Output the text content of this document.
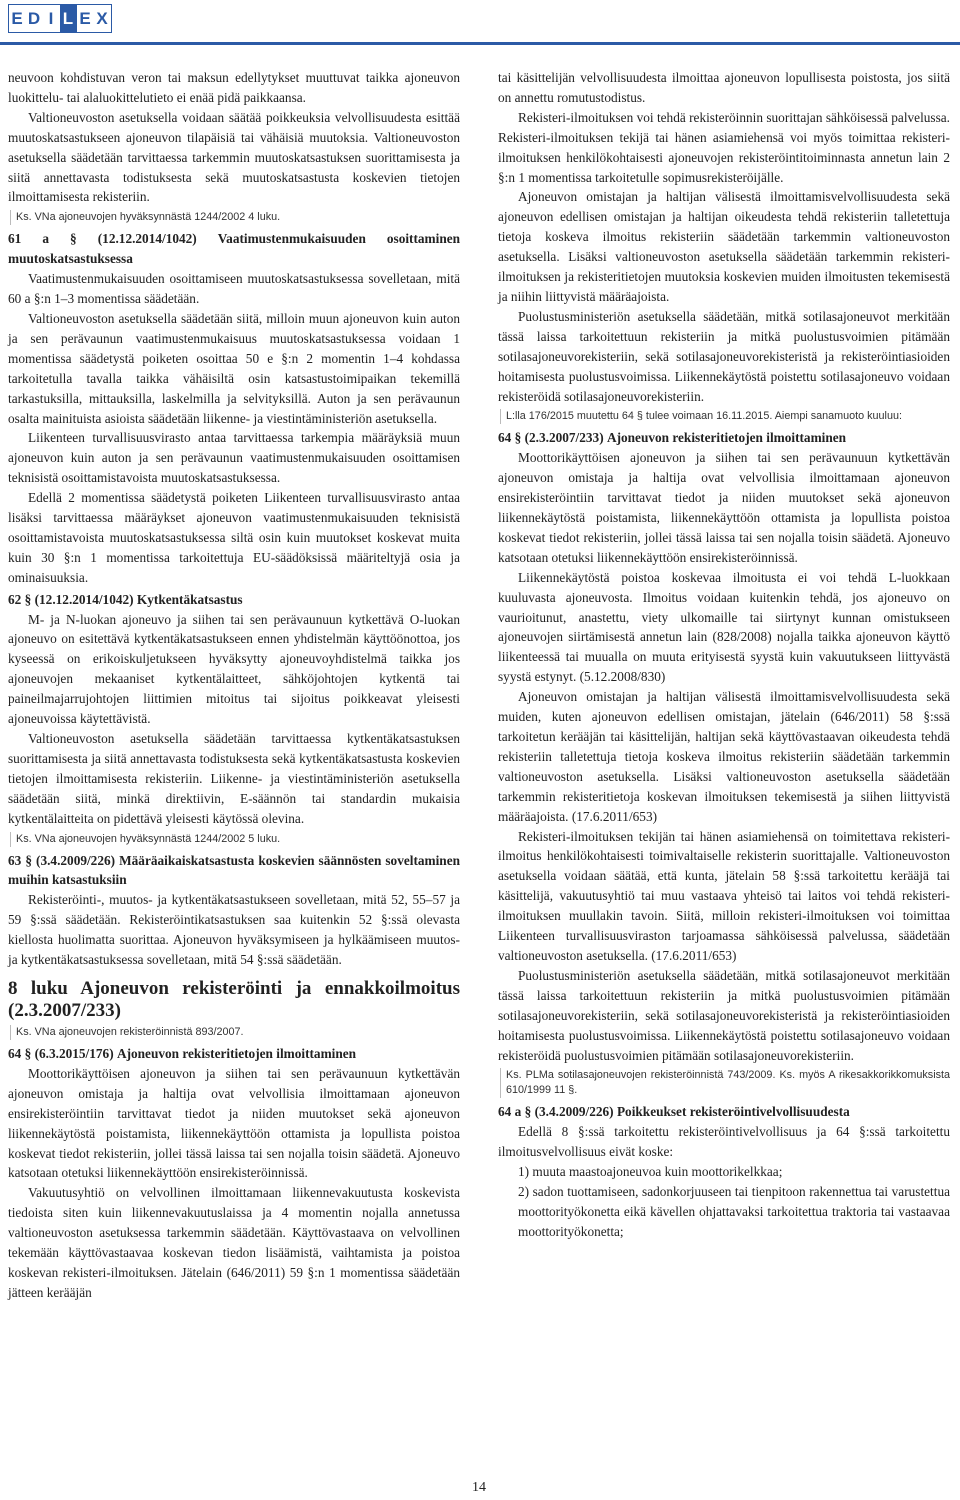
E D I L E X

neuvoon kohdistuvan veron tai maksun edellytykset muuttuvat taikka ajoneuvon luokittelu- tai alaluokittelutieto ei enää pidä paikkaansa.

Valtioneuvoston asetuksella voidaan säätää poikkeuksia velvollisuudesta esittää muutoskatsastukseen ajoneuvon tilapäisiä tai vähäisiä muutoksia. Valtioneuvoston asetuksella säädetään tarvittaessa tarkemmin muutoskatsastuksen suorittamisesta ja siitä annettavasta todistuksesta sekä muutoskatsastusta koskevien tietojen ilmoittamisesta rekisteriin.

Ks. VNa ajoneuvojen hyväksynnästä 1244/2002 4 luku.

61 a § (12.12.2014/1042) Vaatimustenmukaisuuden osoittaminen muutoskatsastuksessa

Vaatimustenmukaisuuden osoittamiseen muutoskatsastuksessa sovelletaan, mitä 60 a §:n 1–3 momentissa säädetään.

Valtioneuvoston asetuksella säädetään siitä, milloin muun ajoneuvon kuin auton ja sen perävaunun vaatimustenmukaisuus muutoskatsastuksessa voidaan 1 momentissa säädetystä poiketen osoittaa 50 e §:n 2 momentin 1–4 kohdassa tarkoitetulla tavalla taikka vähäisiltä osin katsastustoimipaikan tekemillä tarkastuksilla, mittauksilla, laskelmilla ja selvityksillä. Auton ja sen perävaunun osalta mainituista asioista säädetään liikenne- ja viestintäministeriön asetuksella.

Liikenteen turvallisuusvirasto antaa tarvittaessa tarkempia määräyksiä muun ajoneuvon kuin auton ja sen perävaunun vaatimustenmukaisuuden osoittamisen teknisistä osoittamistavoista muutoskatsastuksessa.

Edellä 2 momentissa säädetystä poiketen Liikenteen turvallisuusvirasto antaa lisäksi tarvittaessa määräykset ajoneuvon vaatimustenmukaisuuden teknisistä osoittamistavoista muutoskatsastuksessa siltä osin kuin muutokset koskevat muita kuin 30 §:n 1 momentissa tarkoitettuja EU-säädöksissä määriteltyjä osia ja ominaisuuksia.

62 § (12.12.2014/1042) Kytkentäkatsastus

M- ja N-luokan ajoneuvo ja siihen tai sen perävaunuun kytkettävä O-luokan ajoneuvo on esitettävä kytkentäkatsastukseen ennen yhdistelmän käyttöönottoa, jos kyseessä on erikoiskuljetukseen hyväksytty ajoneuvoyhdistelmä taikka jos ajoneuvojen mekaaniset kytkentälaitteet, sähköjohtojen kytkentä tai paineilmajarrujohtojen liittimien mitoitus tai sijoitus poikkeavat yleisesti ajoneuvoissa käytettävistä.

Valtioneuvoston asetuksella säädetään tarvittaessa kytkentäkatsastuksen suorittamisesta ja siitä annettavasta todistuksesta sekä kytkentäkatsastusta koskevien tietojen ilmoittamisesta rekisteriin. Liikenne- ja viestintäministeriön asetuksella säädetään siitä, minkä direktiivin, E-säännön tai standardin mukaisia kytkentälaitteita on pidettävä yleisesti käytössä olevina.

Ks. VNa ajoneuvojen hyväksynnästä 1244/2002 5 luku.

63 § (3.4.2009/226) Määräaikaiskatsastusta koskevien säännösten soveltaminen muihin katsastuksiin

Rekisteröinti-, muutos- ja kytkentäkatsastukseen sovelletaan, mitä 52, 55–57 ja 59 §:ssä säädetään. Rekisteröintikatsastuksen saa kuitenkin 52 §:ssä olevasta kiellosta huolimatta suorittaa. Ajoneuvon hyväksymiseen ja hylkäämiseen muutos- ja kytkentäkatsastuksessa sovelletaan, mitä 54 §:ssä säädetään.

8 luku Ajoneuvon rekisteröinti ja ennakkoilmoitus (2.3.2007/233)

Ks. VNa ajoneuvojen rekisteröinnistä 893/2007.

64 § (6.3.2015/176) Ajoneuvon rekisteritietojen ilmoittaminen

Moottorikäyttöisen ajoneuvon ja siihen tai sen perävaunuun kytkettävän ajoneuvon omistaja ja haltija ovat velvollisia ilmoittamaan ajoneuvon ensirekisteröintiin tarvittavat tiedot ja niiden muutokset sekä ajoneuvon liikennekäytöstä poistamista, liikennekäyttöön ottamista ja lopullista poistoa koskevat tiedot rekisteriin, jollei tässä laissa tai sen nojalla toisin säädetä. Ajoneuvo katsotaan otetuksi liikennekäyttöön ensirekisteröinnissä.

Vakuutusyhtiö on velvollinen ilmoittamaan liikennevakuutusta koskevista tiedoista siten kuin liikennevakuutuslaissa ja 4 momentin nojalla annetussa valtioneuvoston asetuksessa tarkemmin säädetään. Käyttövastaava on velvollinen tekemään käyttövastaavaa koskevan tiedon lisäämistä, vaihtamista ja poistoa koskevan rekisteri-ilmoituksen. Jätelain (646/2011) 59 §:n 1 momentissa säädetään jätteen kerääjän

tai käsittelijän velvollisuudesta ilmoittaa ajoneuvon lopullisesta poistosta, jos siitä on annettu romutustodistus.

Rekisteri-ilmoituksen voi tehdä rekisteröinnin suorittajan sähköisessä palvelussa. Rekisteri-ilmoituksen tekijä tai hänen asiamiehensä voi myös toimittaa rekisteri-ilmoituksen henkilökohtaisesti ajoneuvojen rekisteröintitoiminnasta annetun lain 2 §:n 1 momentissa tarkoitetulle sopimusrekisteröijälle.

Ajoneuvon omistajan ja haltijan välisestä ilmoittamisvelvollisuudesta sekä ajoneuvon edellisen omistajan ja haltijan oikeudesta tehdä rekisteriin talletettuja tietoja koskeva ilmoitus rekisteriin säädetään tarkemmin valtioneuvoston asetuksella. Lisäksi valtioneuvoston asetuksella säädetään tarkemmin rekisteri-ilmoituksen ja rekisteritietojen muutoksia koskevien muiden ilmoitusten tekemisestä ja niihin liittyvistä määräajoista.

Puolustusministeriön asetuksella säädetään, mitkä sotilasajoneuvot merkitään tässä laissa tarkoitettuun rekisteriin ja mitkä puolustusvoimien pitämään sotilasajoneuvorekisteriin, sekä sotilasajoneuvorekisteristä ja rekisteröintiasioiden hoitamisesta puolustusvoimissa. Liikennekäytöstä poistettu sotilasajoneuvo voidaan rekisteröidä sotilasajoneuvorekisteriin.

L:lla 176/2015 muutettu 64 § tulee voimaan 16.11.2015. Aiempi sanamuoto kuuluu:

64 § (2.3.2007/233) Ajoneuvon rekisteritietojen ilmoittaminen

Moottorikäyttöisen ajoneuvon ja siihen tai sen perävaunuun kytkettävän ajoneuvon omistaja ja haltija ovat velvollisia ilmoittamaan ajoneuvon ensirekisteröintiin tarvittavat tiedot ja niiden muutokset sekä ajoneuvon liikennekäytöstä poistamista, liikennekäyttöön ottamista ja lopullista poistoa koskevat tiedot rekisteriin, jollei tässä laissa tai sen nojalla toisin säädetä. Ajoneuvo katsotaan otetuksi liikennekäyttöön ensirekisteröinnissä.

Liikennekäytöstä poistoa koskevaa ilmoitusta ei voi tehdä L-luokkaan kuuluvasta ajoneuvosta. Ilmoitus voidaan kuitenkin tehdä, jos ajoneuvo on vaurioitunut, anastettu, viety ulkomaille tai siirtynyt kunnan omistukseen ajoneuvojen siirtämisestä annetun lain (828/2008) nojalla taikka ajoneuvon käyttö liikenteessä tai muualla on muuta erityisestä syystä kuin vakuutukseen liittyvästä syystä estynyt. (5.12.2008/830)

Ajoneuvon omistajan ja haltijan välisestä ilmoittamisvelvollisuudesta sekä muiden, kuten ajoneuvon edellisen omistajan, jätelain (646/2011) 58 §:ssä tarkoitetun kerääjän tai käsittelijän, haltijan sekä käyttövastaavan oikeudesta tehdä rekisteriin talletettuja tietoja koskeva ilmoitus rekisteriin säädetään tarkemmin valtioneuvoston asetuksella. Lisäksi valtioneuvoston asetuksella säädetään tarkemmin rekisteritietoja koskevan ilmoituksen tekemisestä ja siihen liittyvistä määräajoista. (17.6.2011/653)

Rekisteri-ilmoituksen tekijän tai hänen asiamiehensä on toimitettava rekisteri-ilmoitus henkilökohtaisesti toimivaltaiselle rekisterin suorittajalle. Valtioneuvoston asetuksella voidaan säätää, että kunta, jätelain 58 §:ssä tarkoitettu kerääjä tai käsittelijä, vakuutusyhtiö tai muu vastaava yhteisö tai laitos voi tehdä rekisteri-ilmoituksen muullakin tavoin. Siitä, milloin rekisteri-ilmoituksen voi toimittaa Liikenteen turvallisuusviraston tarjoamassa sähköisessä palvelussa, säädetään valtioneuvoston asetuksella. (17.6.2011/653)

Puolustusministeriön asetuksella säädetään, mitkä sotilasajoneuvot merkitään tässä laissa tarkoitettuun rekisteriin ja mitkä puolustusvoimien pitämään sotilasajoneuvorekisteriin, sekä sotilasajoneuvorekisteristä ja rekisteröintiasioiden hoitamisesta puolustusvoimissa. Liikennekäytöstä poistettu sotilasajoneuvo voidaan rekisteröidä puolustusvoimien pitämään sotilasajoneuvorekisteriin.

Ks. PLMa sotilasajoneuvojen rekisteröinnistä 743/2009. Ks. myös A rikesakkorikkomuksista 610/1999 11 §.

64 a § (3.4.2009/226) Poikkeukset rekisteröintivelvollisuudesta

Edellä 8 §:ssä tarkoitettu rekisteröintivelvollisuus ja 64 §:ssä tarkoitettu ilmoitusvelvollisuus eivät koske:

1) muuta maastoajoneuvoa kuin moottorikelkkaa;

2) sadon tuottamiseen, sadonkorjuuseen tai tienpitoon rakennettua tai varustettua moottorityökonetta eikä kävellen ohjattavaksi tarkoitettua traktoria tai vastaavaa moottorityökonetta;

14
